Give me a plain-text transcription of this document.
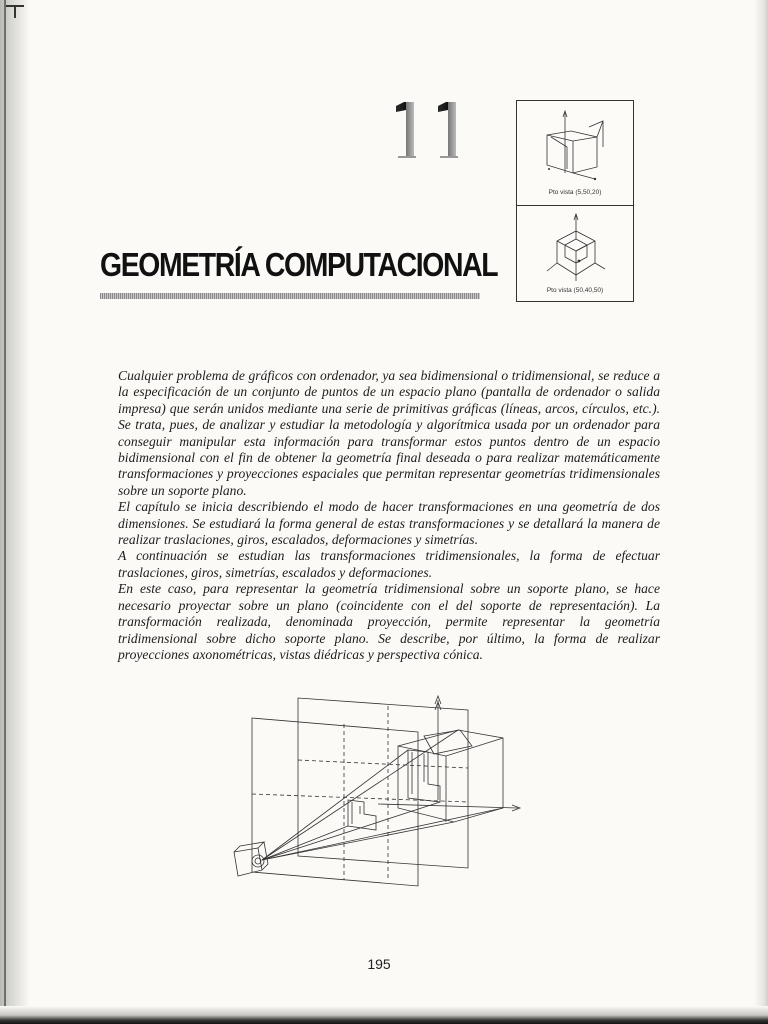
GEOMETRÍA COMPUTACIONAL
Pto vista (5,50,20)
Pto vista (50,40,50)

Cualquier problema de gráficos con ordenador, ya sea bidimensional o tridimensional, se reduce a la especificación de un conjunto de puntos de un espacio plano (pantalla de ordenador o salida impresa) que serán unidos mediante una serie de primitivas gráficas (líneas, arcos, círculos, etc.). Se trata, pues, de analizar y estudiar la metodología y algorítmica usada por un ordenador para conseguir manipular esta información para transformar estos puntos dentro de un espacio bidimensional con el fin de obtener la geometría final deseada o para realizar matemáticamente transformaciones y proyecciones espaciales que permitan representar geometrías tridimensionales sobre un soporte plano.

El capítulo se inicia describiendo el modo de hacer transformaciones en una geometría de dos dimensiones. Se estudiará la forma general de estas transformaciones y se detallará la manera de realizar traslaciones, giros, escalados, deformaciones y simetrías.

A continuación se estudian las transformaciones tridimensionales, la forma de efectuar traslaciones, giros, simetrías, escalados y deformaciones.

En este caso, para representar la geometría tridimensional sobre un soporte plano, se hace necesario proyectar sobre un plano (coincidente con el del soporte de representación). La transformación realizada, denominada proyección, permite representar la geometría tridimensional sobre dicho soporte plano. Se describe, por último, la forma de realizar proyecciones axonométricas, vistas diédricas y perspectiva cónica.

195
